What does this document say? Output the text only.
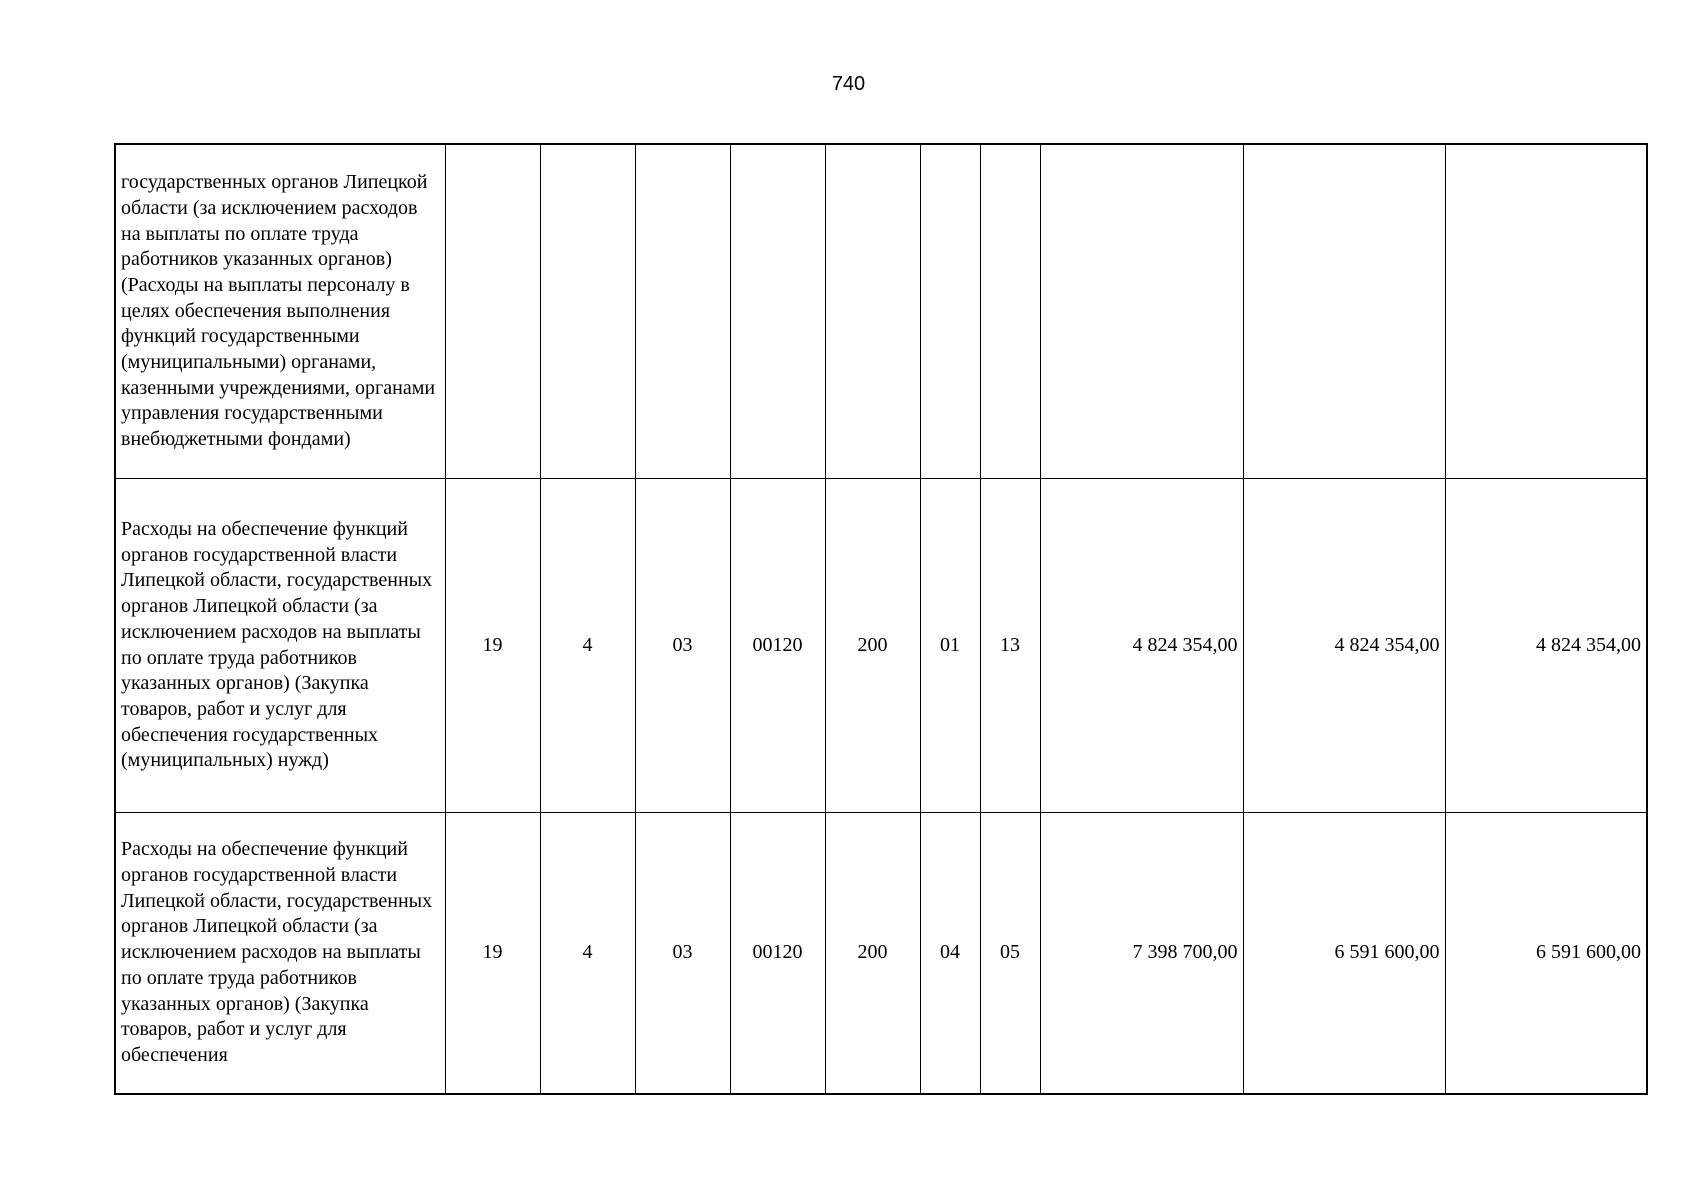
740
государственных органов Липецкой области (за исключением расходов на выплаты по оплате труда работников указанных органов) (Расходы на выплаты персоналу в целях обеспечения выполнения функций государственными (муниципальными) органами, казенными учреждениями, органами управления государственными внебюджетными фондами)										
Расходы на обеспечение функций органов государственной власти Липецкой области, государственных органов Липецкой области (за исключением расходов на выплаты по оплате труда работников указанных органов) (Закупка товаров, работ и услуг для обеспечения государственных (муниципальных) нужд)	19	4	03	00120	200	01	13	4 824 354,00	4 824 354,00	4 824 354,00
Расходы на обеспечение функций органов государственной власти Липецкой области, государственных органов Липецкой области (за исключением расходов на выплаты по оплате труда работников указанных органов) (Закупка товаров, работ и услуг для обеспечения	19	4	03	00120	200	04	05	7 398 700,00	6 591 600,00	6 591 600,00
